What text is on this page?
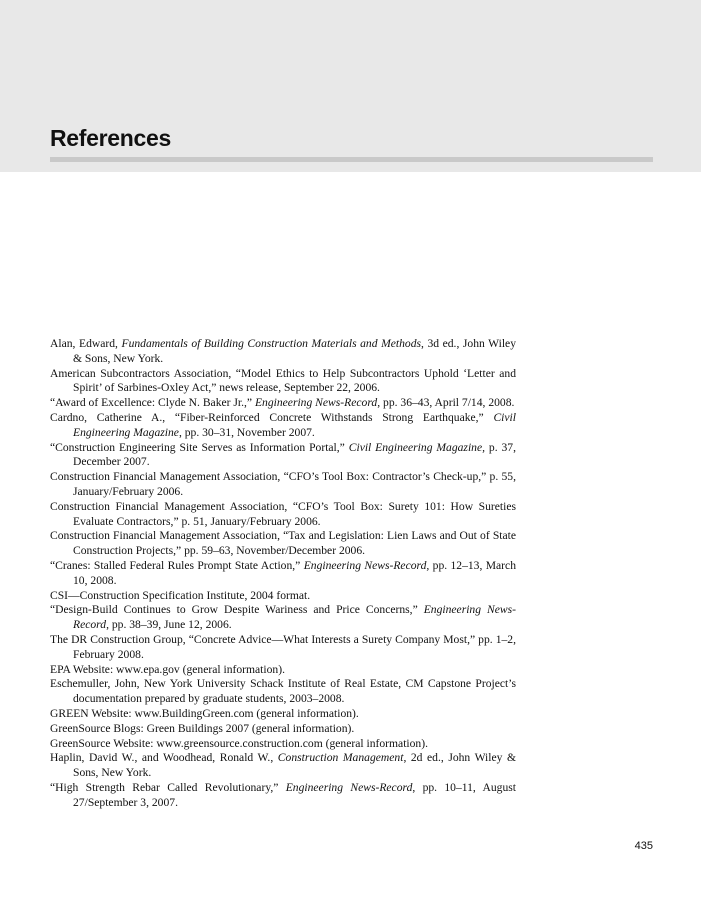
References
Alan, Edward, Fundamentals of Building Construction Materials and Methods, 3d ed., John Wiley & Sons, New York.
American Subcontractors Association, “Model Ethics to Help Subcontractors Uphold ‘Letter and Spirit’ of Sarbines-Oxley Act,” news release, September 22, 2006.
“Award of Excellence: Clyde N. Baker Jr.,” Engineering News-Record, pp. 36–43, April 7/14, 2008.
Cardno, Catherine A., “Fiber-Reinforced Concrete Withstands Strong Earthquake,” Civil Engineering Magazine, pp. 30–31, November 2007.
“Construction Engineering Site Serves as Information Portal,” Civil Engineering Magazine, p. 37, December 2007.
Construction Financial Management Association, “CFO’s Tool Box: Contractor’s Check-up,” p. 55, January/February 2006.
Construction Financial Management Association, “CFO’s Tool Box: Surety 101: How Sureties Evaluate Contractors,” p. 51, January/February 2006.
Construction Financial Management Association, “Tax and Legislation: Lien Laws and Out of State Construction Projects,” pp. 59–63, November/December 2006.
“Cranes: Stalled Federal Rules Prompt State Action,” Engineering News-Record, pp. 12–13, March 10, 2008.
CSI—Construction Specification Institute, 2004 format.
“Design-Build Continues to Grow Despite Wariness and Price Concerns,” Engineering News-Record, pp. 38–39, June 12, 2006.
The DR Construction Group, “Concrete Advice—What Interests a Surety Company Most,” pp. 1–2, February 2008.
EPA Website: www.epa.gov (general information).
Eschemuller, John, New York University Schack Institute of Real Estate, CM Capstone Project’s documentation prepared by graduate students, 2003–2008.
GREEN Website: www.BuildingGreen.com (general information).
GreenSource Blogs: Green Buildings 2007 (general information).
GreenSource Website: www.greensource.construction.com (general information).
Haplin, David W., and Woodhead, Ronald W., Construction Management, 2d ed., John Wiley & Sons, New York.
“High Strength Rebar Called Revolutionary,” Engineering News-Record, pp. 10–11, August 27/September 3, 2007.
435
